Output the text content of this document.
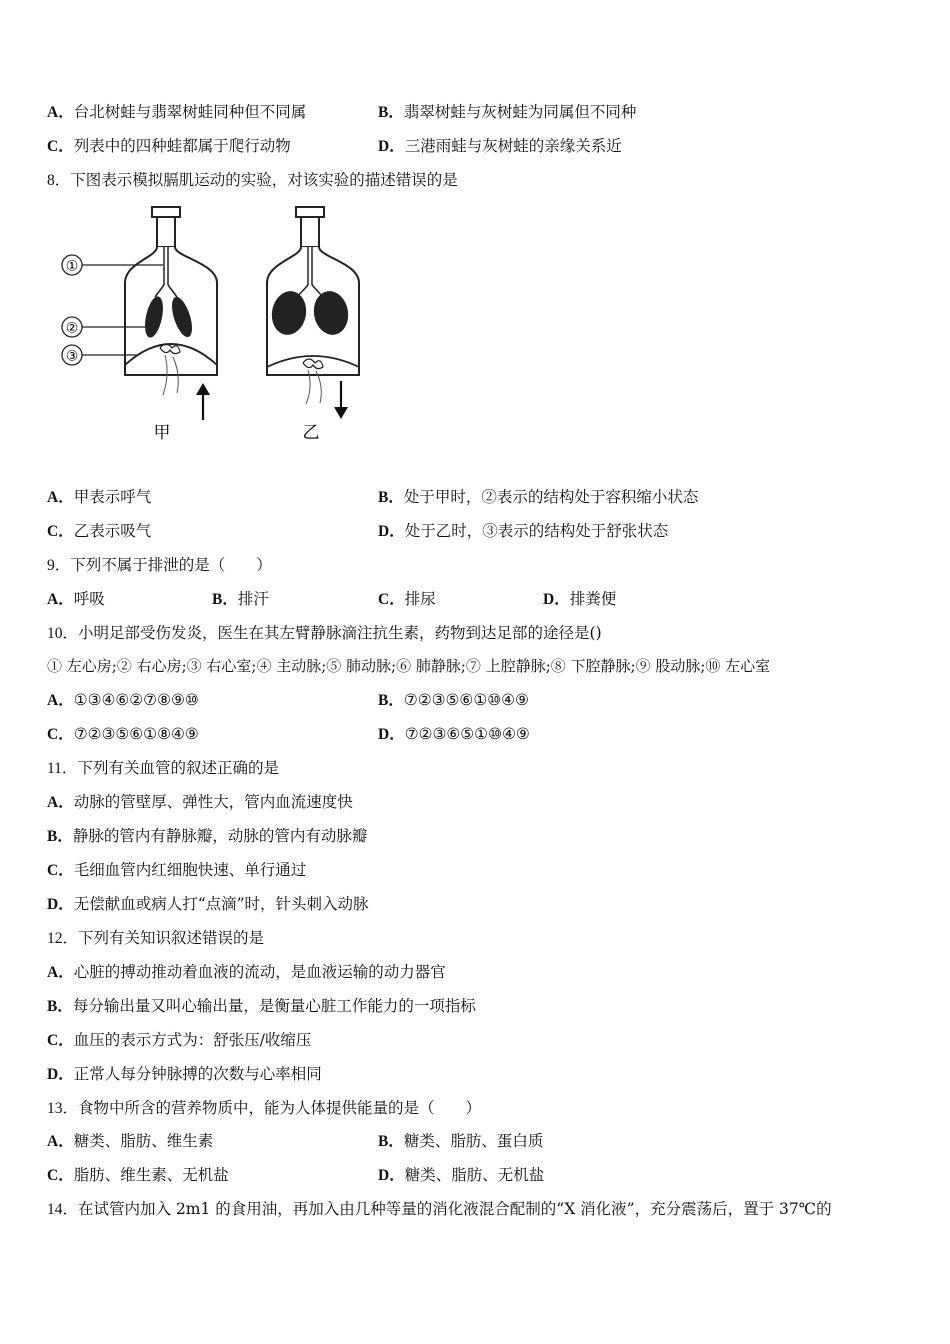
A．台北树蛙与翡翠树蛙同种但不同属	B．翡翠树蛙与灰树蛙为同属但不同种
C．列表中的四种蛙都属于爬行动物	D．三港雨蛙与灰树蛙的亲缘关系近
8．下图表示模拟膈肌运动的实验，对该实验的描述错误的是
①
②
③
甲	乙
A．甲表示呼气	B．处于甲时，②表示的结构处于容积缩小状态
C．乙表示吸气	D．处于乙时，③表示的结构处于舒张状态
9．下列不属于排泄的是（　　）
A．呼吸	B．排汗	C．排尿	D．排粪便
10．小明足部受伤发炎，医生在其左臂静脉滴注抗生素，药物到达足部的途径是()
① 左心房;② 右心房;③ 右心室;④ 主动脉;⑤ 肺动脉;⑥ 肺静脉;⑦ 上腔静脉;⑧ 下腔静脉;⑨ 股动脉;⑩ 左心室
A．①③④⑥②⑦⑧⑨⑩	B．⑦②③⑤⑥①⑩④⑨
C．⑦②③⑤⑥①⑧④⑨	D．⑦②③⑥⑤①⑩④⑨
11．下列有关血管的叙述正确的是
A．动脉的管壁厚、弹性大，管内血流速度快
B．静脉的管内有静脉瓣，动脉的管内有动脉瓣
C．毛细血管内红细胞快速、单行通过
D．无偿献血或病人打“点滴”时，针头刺入动脉
12．下列有关知识叙述错误的是
A．心脏的搏动推动着血液的流动，是血液运输的动力器官
B．每分输出量又叫心输出量，是衡量心脏工作能力的一项指标
C．血压的表示方式为：舒张压/收缩压
D．正常人每分钟脉搏的次数与心率相同
13．食物中所含的营养物质中，能为人体提供能量的是（　　）
A．糖类、脂肪、维生素	B．糖类、脂肪、蛋白质
C．脂肪、维生素、无机盐	D．糖类、脂肪、无机盐
14．在试管内加入 2m1 的食用油，再加入由几种等量的消化液混合配制的“X 消化液”，充分震荡后，置于 37℃的
